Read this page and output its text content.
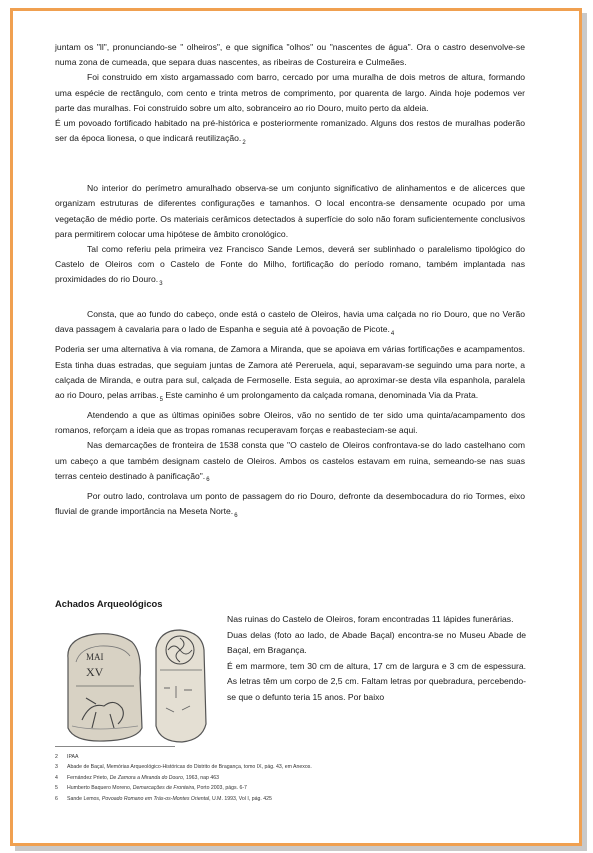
juntam os "ll", pronunciando-se " olheiros", e que significa "olhos" ou "nascentes de água". Ora o castro desenvolve-se numa zona de cumeada, que separa duas nascentes, as ribeiras de Costureira e Culmeães.

Foi construido em xisto argamassado com barro, cercado por uma muralha de dois metros de altura, formando uma espécie de rectângulo, com cento e trinta metros de comprimento, por quarenta de largo. Ainda hoje podemos ver parte das muralhas. Foi construido sobre um alto, sobranceiro ao rio Douro, muito perto da aldeia.

É um povoado fortificado habitado na pré-histórica e posteriormente romanizado. Alguns dos restos de muralhas poderão ser da época lionesa, o que indicará $reutilização._2$

No interior do perímetro amuralhado observa-se um conjunto significativo de alinhamentos e de alicerces que organizam estruturas de diferentes configurações e tamanhos. O local encontra-se densamente ocupado por uma vegetação de médio porte. Os materiais cerâmicos detectados à superfície do solo não foram suficientemente conclusivos para permitirem colocar uma hipótese de âmbito cronológico.

Tal como referiu pela primeira vez Francisco Sande Lemos, deverá ser sublinhado o paralelismo tipológico do Castelo de Oleiros com o Castelo de Fonte do Milho, fortificação do período romano, também implantada nas proximidades do rio $Douro._3$

Consta, que ao fundo do cabeço, onde está o castelo de Oleiros, havia uma calçada no rio Douro, que no Verão dava passagem à cavalaria para o lado de Espanha e seguia até à povoação de $Picote._4$

Poderia ser uma alternativa à via romana, de Zamora a Miranda, que se apoiava em várias fortificações e acampamentos. Esta tinha duas estradas, que seguiam juntas de Zamora até Pereruela, aqui, separavam-se seguindo uma para norte, a calçada de Miranda, e outra para sul, calçada de Fermoselle. Esta seguia, ao aproximar-se desta vila espanhola, paralela ao rio Douro, pelas $arribas._5$ Este caminho é um prolongamento da calçada romana, denominada Via da Prata.

Atendendo a que as últimas opiniões sobre Oleiros, vão no sentido de ter sido uma quinta/acampamento dos romanos, reforçam a ideia que as tropas romanas recuperavam forças e reabasteciam-se aqui.

Nas demarcações de fronteira de 1538 consta que "O castelo de Oleiros confrontava-se do lado castelhano com um cabeço a que também designam castelo de Oleiros. Ambos os castelos estavam em ruina, semeando-se nas suas terras centeio destinado à $panificação"._6$

Por outro lado, controlava um ponto de passagem do rio Douro, defronte da desembocadura do rio Tormes, eixo fluvial de grande importância na Meseta $Norte._6$

Achados Arqueológicos
MAI
XV

Nas ruinas do Castelo de Oleiros, foram encontradas 11 lápides funerárias.

Duas delas (foto ao lado, de Abade Baçal) encontra-se no Museu Abade de Baçal, em Bragança.

É em marmore, tem 30 cm de altura, 17 cm de largura e 3 cm de espessura. As letras têm um corpo de 2,5 cm. Faltam letras por quebradura, percebendo-se que o defunto teria 15 anos. Por baixo

2 IPAA
3 Abade de Baçal, Memórias Arqueológico-Históricas do Distrito de Bragança, tomo IX, pág. 43, em Anexos.
4 Fernández Prieto, De Zamora a Miranda do Douro, 1963, nap 463
5 Humberto Baquero Moreno, Demarcações de Fronteira, Porto 2003, págs. 6-7
6 Sande Lemos, Povoado Romano em Trás-os-Montes Oriental, U.M. 1993, Vol I, pág. 425
